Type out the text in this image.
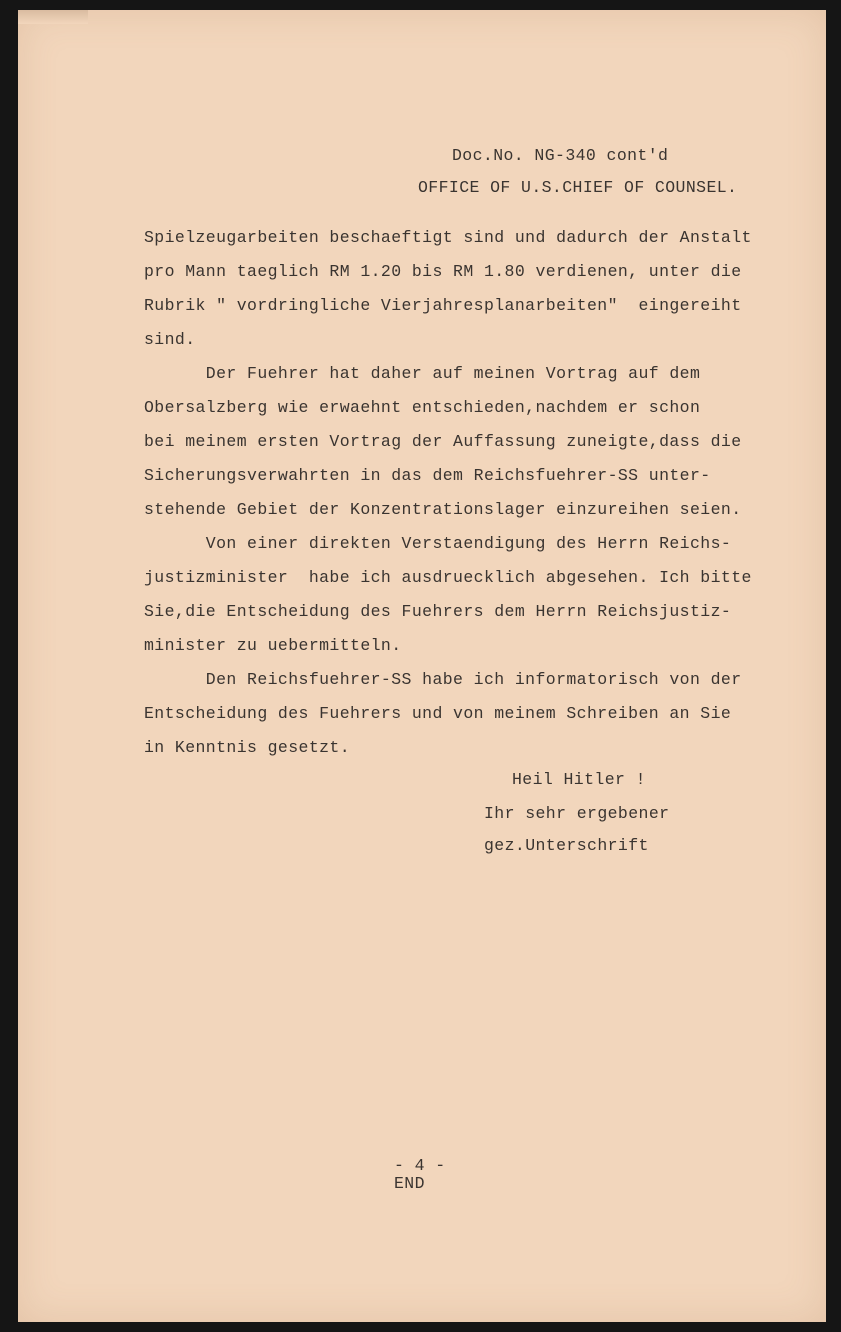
Doc.No. NG-340 cont'd
OFFICE OF U.S.CHIEF OF COUNSEL.
Spielzeugarbeiten beschaeftigt sind und dadurch der Anstalt
pro Mann taeglich RM 1.20 bis RM 1.80 verdienen, unter die
Rubrik " vordringliche Vierjahresplanarbeiten"  eingereiht
sind.
Der Fuehrer hat daher auf meinen Vortrag auf dem
Obersalzberg wie erwaehnt entschieden,nachdem er schon
bei meinem ersten Vortrag der Auffassung zuneigte,dass die
Sicherungsverwahrten in das dem Reichsfuehrer-SS unter-
stehende Gebiet der Konzentrationslager einzureihen seien.
Von einer direkten Verstaendigung des Herrn Reichs-
justizminister  habe ich ausdruecklich abgesehen. Ich bitte
Sie,die Entscheidung des Fuehrers dem Herrn Reichsjustiz-
minister zu uebermitteln.
Den Reichsfuehrer-SS habe ich informatorisch von der
Entscheidung des Fuehrers und von meinem Schreiben an Sie
in Kenntnis gesetzt.
Heil Hitler !
Ihr sehr ergebener
gez.Unterschrift
- 4 -
END
